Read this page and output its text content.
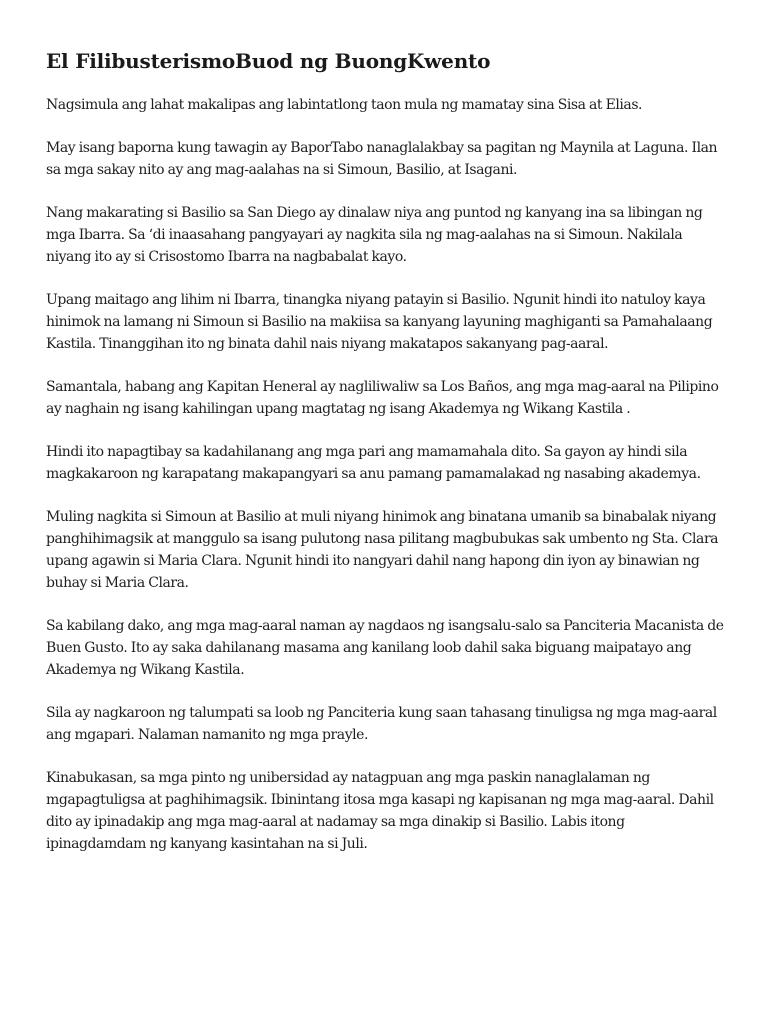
El FilibusterismoBuod ng BuongKwento

Nagsimula ang lahat makalipas ang labintatlong taon mula ng mamatay sina Sisa at Elias.

May isang baporna kung tawagin ay BaporTabo nanaglalakbay sa pagitan ng Maynila at Laguna. Ilan sa mga sakay nito ay ang mag-aalahas na si Simoun, Basilio, at Isagani.

Nang makarating si Basilio sa San Diego ay dinalaw niya ang puntod ng kanyang ina sa libingan ng mga Ibarra. Sa ‘di inaasahang pangyayari ay nagkita sila ng mag-aalahas na si Simoun. Nakilala niyang ito ay si Crisostomo Ibarra na nagbabalat kayo.

Upang maitago ang lihim ni Ibarra, tinangka niyang patayin si Basilio. Ngunit hindi ito natuloy kaya hinimok na lamang ni Simoun si Basilio na makiisa sa kanyang layuning maghiganti sa Pamahalaang Kastila. Tinanggihan ito ng binata dahil nais niyang makatapos sakanyang pag-aaral.

Samantala, habang ang Kapitan Heneral ay nagliliwaliw sa Los Baños, ang mga mag-aaral na Pilipino ay naghain ng isang kahilingan upang magtatag ng isang Akademya ng Wikang Kastila .

Hindi ito napagtibay sa kadahilanang ang mga pari ang mamamahala dito. Sa gayon ay hindi sila magkakaroon ng karapatang makapangyari sa anu pamang pamamalakad ng nasabing akademya.

Muling nagkita si Simoun at Basilio at muli niyang hinimok ang binatana umanib sa binabalak niyang panghihimagsik at manggulo sa isang pulutong nasa pilitang magbubukas sak umbento ng Sta. Clara upang agawin si Maria Clara. Ngunit hindi ito nangyari dahil nang hapong din iyon ay binawian ng buhay si Maria Clara.

Sa kabilang dako, ang mga mag-aaral naman ay nagdaos ng isangsalu-salo sa Panciteria Macanista de Buen Gusto. Ito ay saka dahilanang masama ang kanilang loob dahil saka biguang maipatayo ang Akademya ng Wikang Kastila.

Sila ay nagkaroon ng talumpati sa loob ng Panciteria kung saan tahasang tinuligsa ng mga mag-aaral ang mgapari. Nalaman namanito ng mga prayle.

Kinabukasan, sa mga pinto ng unibersidad ay natagpuan ang mga paskin nanaglalaman ng mgapagtuligsa at paghihimagsik. Ibinintang itosa mga kasapi ng kapisanan ng mga mag-aaral. Dahil dito ay ipinadakip ang mga mag-aaral at nadamay sa mga dinakip si Basilio. Labis itong ipinagdamdam ng kanyang kasintahan na si Juli.
